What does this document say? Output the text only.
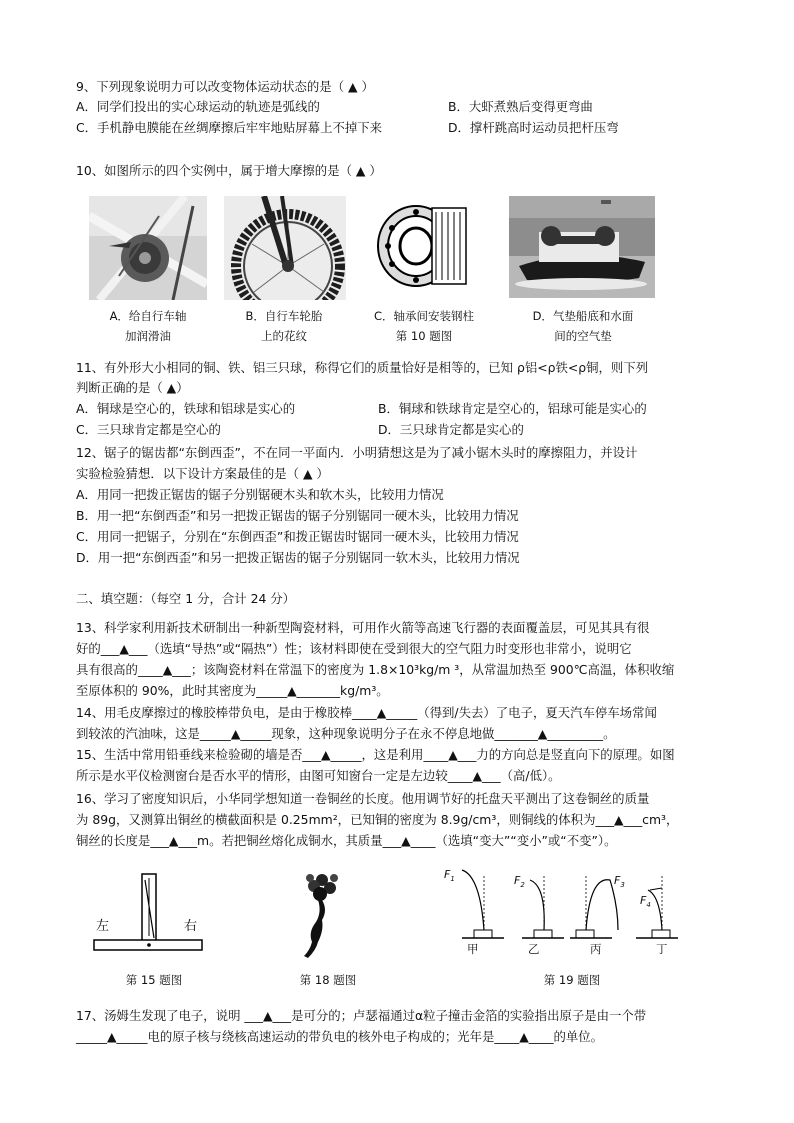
9、下列现象说明力可以改变物体运动状态的是（ ▲ ）
A．同学们投出的实心球运动的轨迹是弧线的	B．大虾煮熟后变得更弯曲
C．手机静电膜能在丝绸摩擦后牢牢地贴屏幕上不掉下来	D．撑杆跳高时运动员把杆压弯
10、如图所示的四个实例中，属于增大摩擦的是（ ▲ ）
A．给自行车轴
加润滑油
B．自行车轮胎
上的花纹
C．轴承间安装钢柱
第 10 题图
D．气垫船底和水面
间的空气垫
11、有外形大小相同的铜、铁、铝三只球，称得它们的质量恰好是相等的，已知 ρ铝<ρ铁<ρ铜，则下列
判断正确的是（ ▲）
A．铜球是空心的，铁球和铝球是实心的	B．铜球和铁球肯定是空心的，铝球可能是实心的
C．三只球肯定都是空心的	D．三只球肯定都是实心的
12、锯子的锯齿都“东倒西歪”，不在同一平面内．小明猜想这是为了减小锯木头时的摩擦阻力，并设计
实验检验猜想．以下设计方案最佳的是（ ▲ ）
A．用同一把拨正锯齿的锯子分别锯硬木头和软木头，比较用力情况
B．用一把“东倒西歪”和另一把拨正锯齿的锯子分别锯同一硬木头，比较用力情况
C．用同一把锯子，分别在“东倒西歪”和拨正锯齿时锯同一硬木头，比较用力情况
D．用一把“东倒西歪”和另一把拨正锯齿的锯子分别锯同一软木头，比较用力情况
二、填空题：（每空 1 分，合计 24 分）
13、科学家利用新技术研制出一种新型陶瓷材料，可用作火箭等高速飞行器的表面覆盖层，可见其具有很
好的___▲___（选填“导热”或“隔热”）性；该材料即使在受到很大的空气阻力时变形也非常小，说明它
具有很高的____▲___；该陶瓷材料在常温下的密度为 1.8×10³kg/m ³，从常温加热至 900℃高温，体积收缩
至原体积的 90%，此时其密度为_____▲_______kg/m³。
14、用毛皮摩擦过的橡胶棒带负电，是由于橡胶棒____▲_____（得到/失去）了电子，夏天汽车停车场常闻
到较浓的汽油味，这是_____▲_____现象，这种现象说明分子在永不停息地做_______▲_________。
15、生活中常用铅垂线来检验砌的墙是否___▲_____，这是利用____▲___力的方向总是竖直向下的原理。如图
所示是水平仪检测窗台是否水平的情形，由图可知窗台一定是左边较____▲___（高/低）。
16、学习了密度知识后，小华同学想知道一卷铜丝的长度。他用调节好的托盘天平测出了这卷铜丝的质量
为 89g，又测算出铜丝的横截面积是 0.25mm²，已知铜的密度为 8.9g/cm³，则铜线的体积为___▲___cm³，
铜丝的长度是___▲___m。若把铜丝熔化成铜水，其质量___▲____（选填“变大”“变小”或“不变”）。
左	右
第 15 题图	第 18 题图
$F_1$	$F_2$	$F_3$
$F_4$
甲	乙	丙	丁
第 19 题图
17、汤姆生发现了电子，说明 ___▲___是可分的；卢瑟福通过α粒子撞击金箔的实验指出原子是由一个带
_____▲_____电的原子核与绕核高速运动的带负电的核外电子构成的；光年是____▲____的单位。
